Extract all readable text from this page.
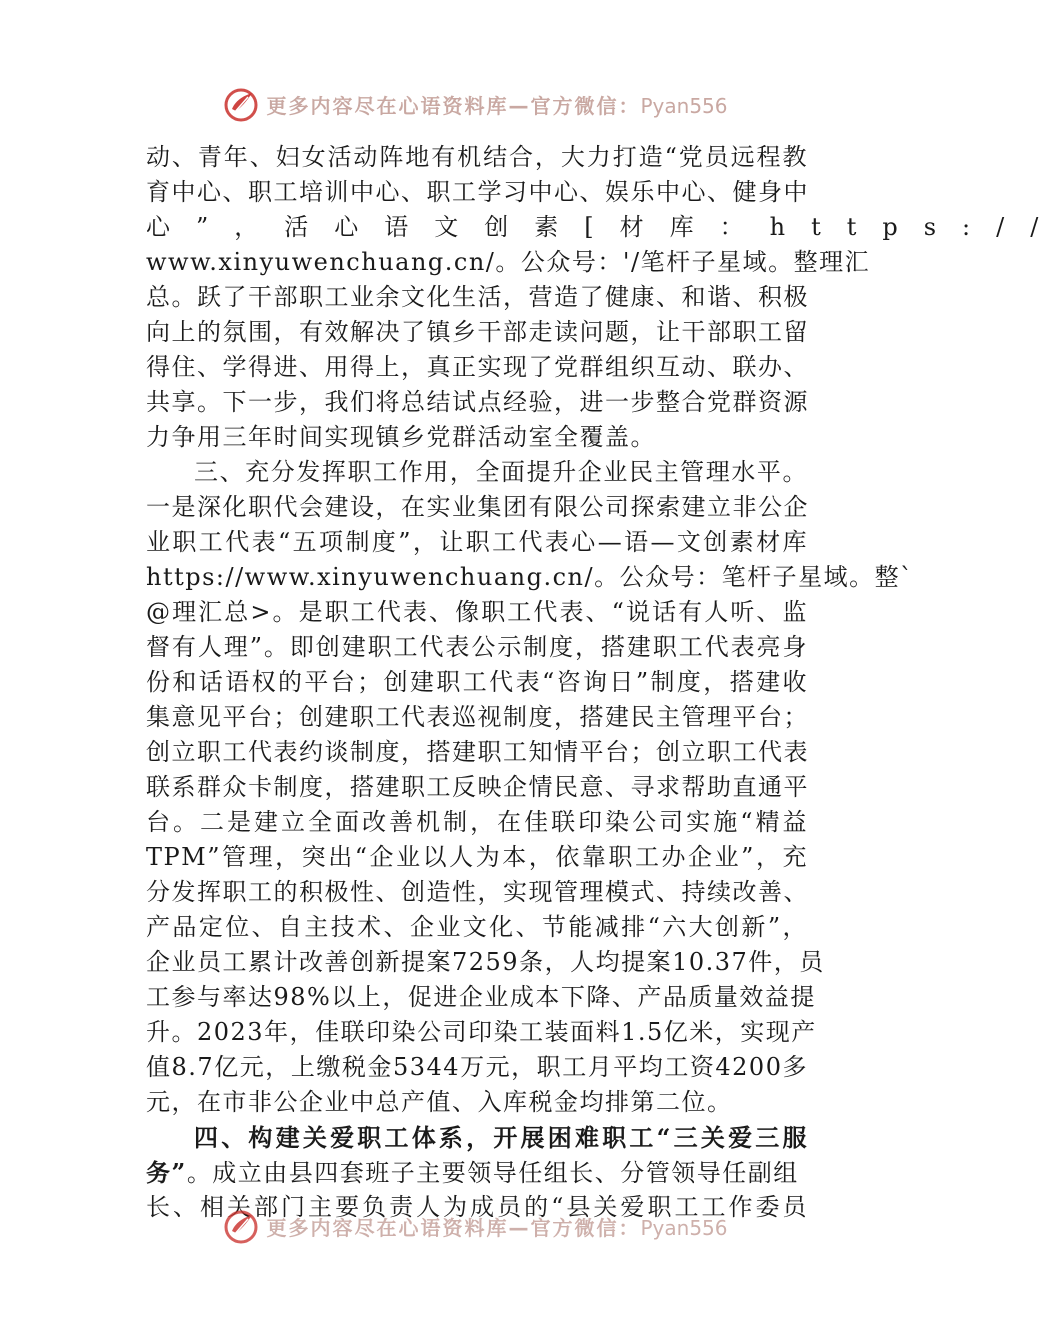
更多内容尽在心语资料库—官方微信：Pyan556
动、青年、妇女活动阵地有机结合，大力打造“党员远程教
育中心、职工培训中心、职工学习中心、娱乐中心、健身中
心”，活心语文创素[材库：https://
www.xinyuwenchuang.cn/。公众号：'/笔杆子星域。整理汇
总。跃了干部职工业余文化生活，营造了健康、和谐、积极
向上的氛围，有效解决了镇乡干部走读问题，让干部职工留
得住、学得进、用得上，真正实现了党群组织互动、联办、
共享。下一步，我们将总结试点经验，进一步整合党群资源
力争用三年时间实现镇乡党群活动室全覆盖。
三、充分发挥职工作用，全面提升企业民主管理水平。
一是深化职代会建设，在实业集团有限公司探索建立非公企
业职工代表“五项制度”，让职工代表心—语—文创素材库
https://www.xinyuwenchuang.cn/。公众号：笔杆子星域。整`
@理汇总>。是职工代表、像职工代表、“说话有人听、监
督有人理”。即创建职工代表公示制度，搭建职工代表亮身
份和话语权的平台；创建职工代表“咨询日”制度，搭建收
集意见平台；创建职工代表巡视制度，搭建民主管理平台；
创立职工代表约谈制度，搭建职工知情平台；创立职工代表
联系群众卡制度，搭建职工反映企情民意、寻求帮助直通平
台。二是建立全面改善机制，在佳联印染公司实施“精益
TPM”管理，突出“企业以人为本，依靠职工办企业”，充
分发挥职工的积极性、创造性，实现管理模式、持续改善、
产品定位、自主技术、企业文化、节能减排“六大创新”，
企业员工累计改善创新提案7259条，人均提案10.37件，员
工参与率达98%以上，促进企业成本下降、产品质量效益提
升。2023年，佳联印染公司印染工装面料1.5亿米，实现产
值8.7亿元，上缴税金5344万元，职工月平均工资4200多
元，在市非公企业中总产值、入库税金均排第二位。
四、构建关爱职工体系，开展困难职工“三关爱三服
务”。成立由县四套班子主要领导任组长、分管领导任副组
长、相关部门主要负责人为成员的“县关爱职工工作委员
更多内容尽在心语资料库—官方微信：Pyan556
